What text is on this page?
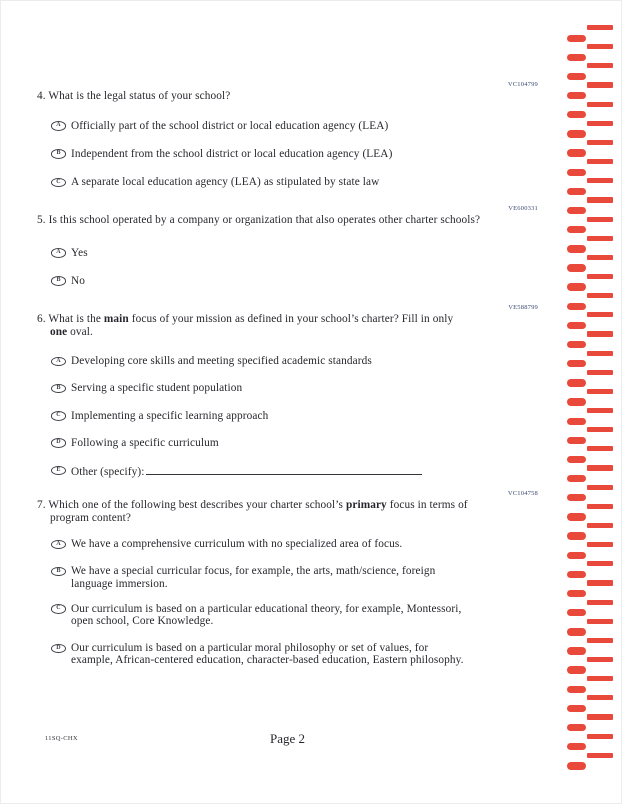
VC104799
4. What is the legal status of your school?
A Officially part of the school district or local education agency (LEA)
B Independent from the school district or local education agency (LEA)
C A separate local education agency (LEA) as stipulated by state law
VE600331
5. Is this school operated by a company or organization that also operates other charter schools?
A Yes
B No
VE588799
6. What is the main focus of your mission as defined in your school’s charter? Fill in only
one oval.
A Developing core skills and meeting specified academic standards
B Serving a specific student population
C Implementing a specific learning approach
D Following a specific curriculum
E Other (specify):
VC104758
7. Which one of the following best describes your charter school’s primary focus in terms of
program content?
A We have a comprehensive curriculum with no specialized area of focus.
B We have a special curricular focus, for example, the arts, math/science, foreign
language immersion.
C Our curriculum is based on a particular educational theory, for example, Montessori,
open school, Core Knowledge.
D Our curriculum is based on a particular moral philosophy or set of values, for
example, African-centered education, character-based education, Eastern philosophy.
11SQ-CHX	Page 2
